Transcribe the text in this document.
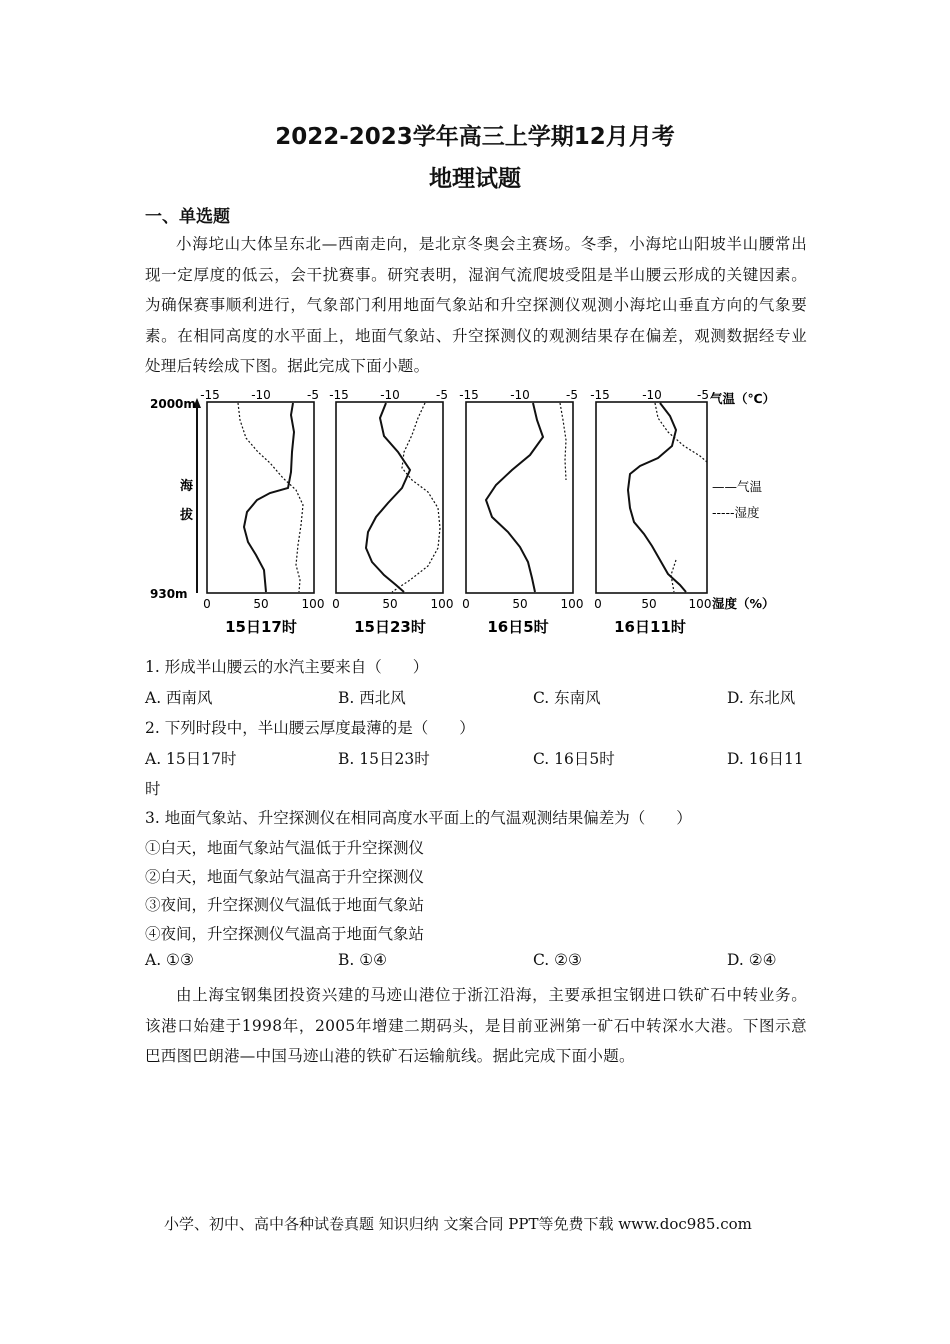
2022-2023学年高三上学期12月月考
地理试题
一、单选题

小海坨山大体呈东北—西南走向，是北京冬奥会主赛场。冬季，小海坨山阳坡半山腰常出现一定厚度的低云，会干扰赛事。研究表明，湿润气流爬坡受阻是半山腰云形成的关键因素。为确保赛事顺利进行，气象部门利用地面气象站和升空探测仪观测小海坨山垂直方向的气象要素。在相同高度的水平面上，地面气象站、升空探测仪的观测结果存在偏差，观测数据经专业处理后转绘成下图。据此完成下面小题。

2000m
930m
海
拔
-15	-10	-5
0	50	100
-15	-10	-5
0	50	100
-15	-10	-5
0	50	100
-15	-10	-5
0	50	100
气温（℃）
湿度（%）
——气温
-----湿度
15日17时	15日23时	16日5时	16日11时
1. 形成半山腰云的水汽主要来自（　　）
A. 西南风	B. 西北风	C. 东南风	D. 东北风
2. 下列时段中，半山腰云厚度最薄的是（　　）
A. 15日17时	B. 15日23时	C. 16日5时	D. 16日11
时
3. 地面气象站、升空探测仪在相同高度水平面上的气温观测结果偏差为（　　）
①白天，地面气象站气温低于升空探测仪
②白天，地面气象站气温高于升空探测仪
③夜间，升空探测仪气温低于地面气象站
④夜间，升空探测仪气温高于地面气象站
A. ①③	B. ①④	C. ②③	D. ②④

由上海宝钢集团投资兴建的马迹山港位于浙江沿海，主要承担宝钢进口铁矿石中转业务。该港口始建于1998年，2005年增建二期码头，是目前亚洲第一矿石中转深水大港。下图示意巴西图巴朗港—中国马迹山港的铁矿石运输航线。据此完成下面小题。

小学、初中、高中各种试卷真题 知识归纳 文案合同 PPT等免费下载 www.doc985.com
